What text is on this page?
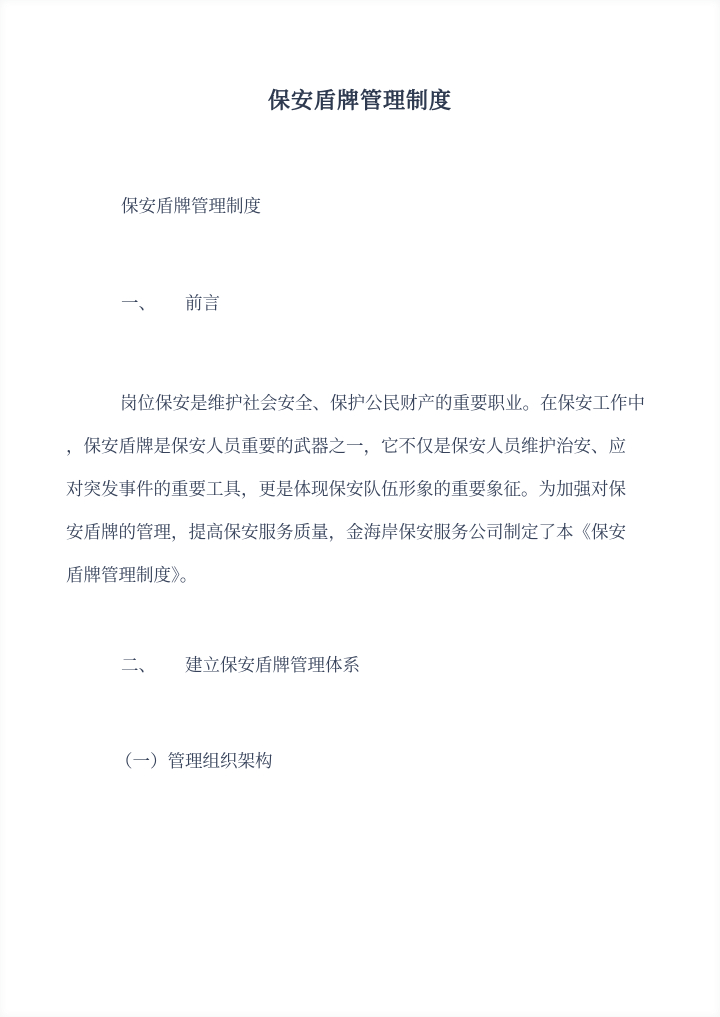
保安盾牌管理制度
保安盾牌管理制度
一、 前言
岗位保安是维护社会安全、保护公民财产的重要职业。在保安工作中
，保安盾牌是保安人员重要的武器之一，它不仅是保安人员维护治安、应
对突发事件的重要工具，更是体现保安队伍形象的重要象征。为加强对保
安盾牌的管理，提高保安服务质量，金海岸保安服务公司制定了本《保安
盾牌管理制度》。
二、 建立保安盾牌管理体系
（一）管理组织架构
